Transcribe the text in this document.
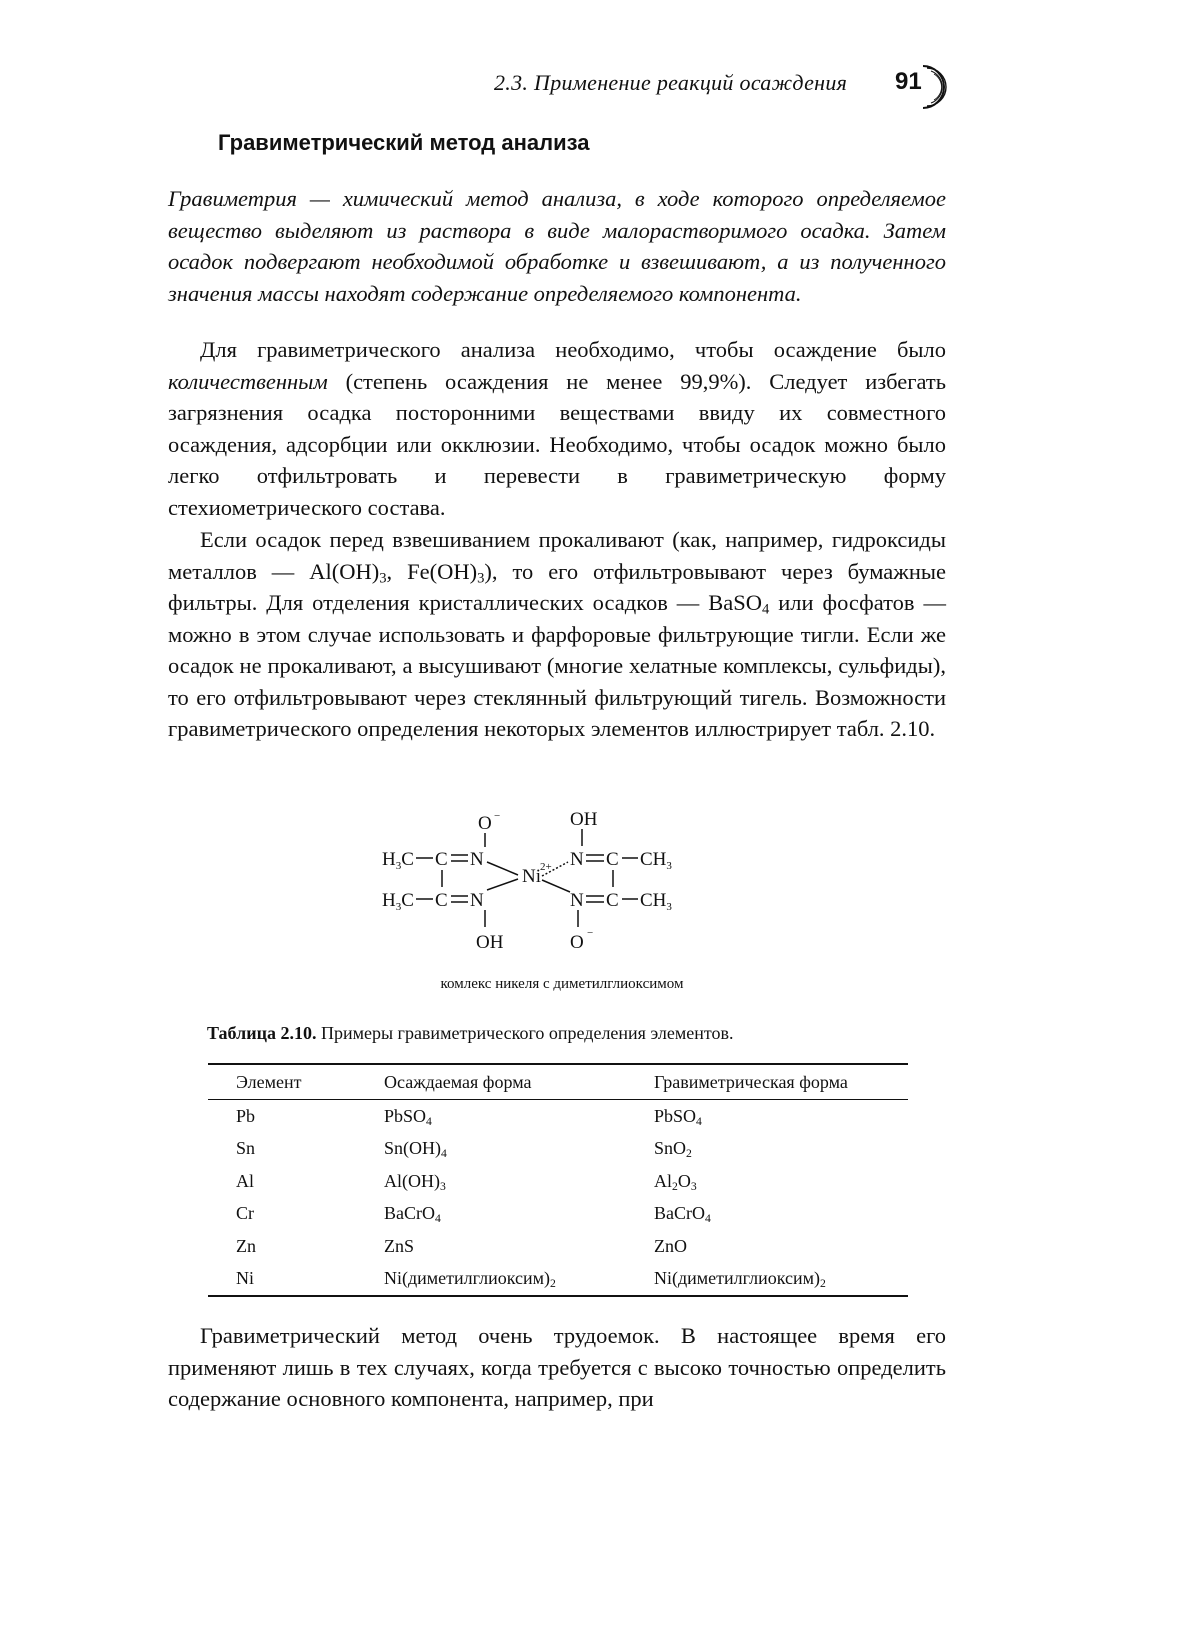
2.3. Применение реакций осаждения 91
Гравиметрический метод анализа

Гравиметрия — химический метод анализа, в ходе которого определяемое вещество выделяют из раствора в виде малорастворимого осадка. Затем осадок подвергают необходимой обработке и взвешивают, а из полученного значения массы находят содержание определяемого компонента.

Для гравиметрического анализа необходимо, чтобы осаждение было количественным (степень осаждения не менее 99,9%). Следует избегать загрязнения осадка посторонними веществами ввиду их совместного осаждения, адсорбции или окклюзии. Необходимо, чтобы осадок можно было легко отфильтровать и перевести в гравиметрическую форму стехиометрического состава.

Если осадок перед взвешиванием прокаливают (как, например, гидроксиды металлов — $Al(OH)_3$, $Fe(OH)_3$), то его отфильтровывают через бумажные фильтры. Для отделения кристаллических осадков — BaSO$_4$ или фосфатов — можно в этом случае использовать и фарфоровые фильтрующие тигли. Если же осадок не прокаливают, а высушивают (многие хелатные комплексы, сульфиды), то его отфильтровывают через стеклянный фильтрующий тигель. Возможности гравиметрического определения некоторых элементов иллюстрирует табл. 2.10.

O −	OH
$H_3C$ C N
Ni 2+ N C $CH_3$
$H_3C$ C N	N C $CH_3$
OH	O −
комлекс никеля с диметилглиоксимом
Таблица 2.10. Примеры гравиметрического определения элементов.
Элемент	Осаждаемая форма	Гравиметрическая форма
Pb	PbSO$_4$	PbSO$_4$
Sn	$Sn(OH)_4$	SnO$_2$
Al	$Al(OH)_3$	$Al_2O_3$
Cr	BaCrO$_4$	BaCrO$_4$
Zn	ZnS	ZnO
Ni	$Ni(диметилглиоксим)_2$	$Ni(диметилглиоксим)_2$

Гравиметрический метод очень трудоемок. В настоящее время его применяют лишь в тех случаях, когда требуется с высоко точностью определить содержание основного компонента, например, при
